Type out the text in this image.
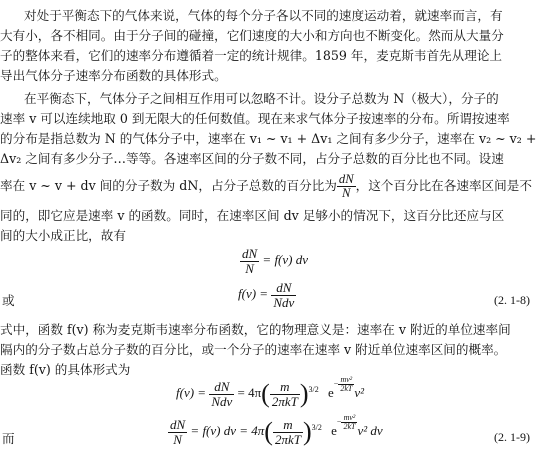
对处于平衡态下的气体来说，气体的每个分子各以不同的速度运动着，就速率而言，有
大有小，各不相同。由于分子间的碰撞，它们速度的大小和方向也不断变化。然而从大量分
子的整体来看，它们的速率分布遵循着一定的统计规律。1859 年，麦克斯韦首先从理论上
导出气体分子速率分布函数的具体形式。
在平衡态下，气体分子之间相互作用可以忽略不计。设分子总数为 N（极大），分子的
速率 v 可以连续地取 0 到无限大的任何数值。现在来求气体分子按速率的分布。所谓按速率
的分布是指总数为 N 的气体分子中，速率在 v₁ ~ v₁ + Δv₁ 之间有多少分子，速率在 v₂ ~ v₂ +
Δv₂ 之间有多少分子…等等。各速率区间的分子数不同，占分子总数的百分比也不同。设速
率在 v ~ v + dv 间的分子数为 dN，占分子总数的百分比为 $\frac{dN}{N}$ ，这个百分比在各速率区间是不
同的，即它应是速率 v 的函数。同时，在速率区间 dv 足够小的情况下，这百分比还应与区
间的大小成正比，故有
$\frac{dN}{N} = f(v)$ dv
或	$f(v) = \frac{dN}{\text{Ndv}}$	(2. 1-8)
式中，函数 f(v) 称为麦克斯韦速率分布函数，它的物理意义是：速率在 v 附近的单位速率间
隔内的分子数占总分子数的百分比，或一个分子的速率在速率 v 附近单位速率区间的概率。
函数 f(v) 的具体形式为
$f(v) = \frac{dN}{\text{Ndv}} = 4\pi( \frac{m}{\text{2πkT}} )^{3/2}$ $e- \frac{\text{mv²}}{2kT} v^2$
而	$\frac{dN}{N} = f(v)$ dv = $4\pi( \frac{m}{\text{2πkT}} )^{3/2}$ $e- \frac{\text{mv²}}{2kT} v^2$ dv	(2. 1-9)
